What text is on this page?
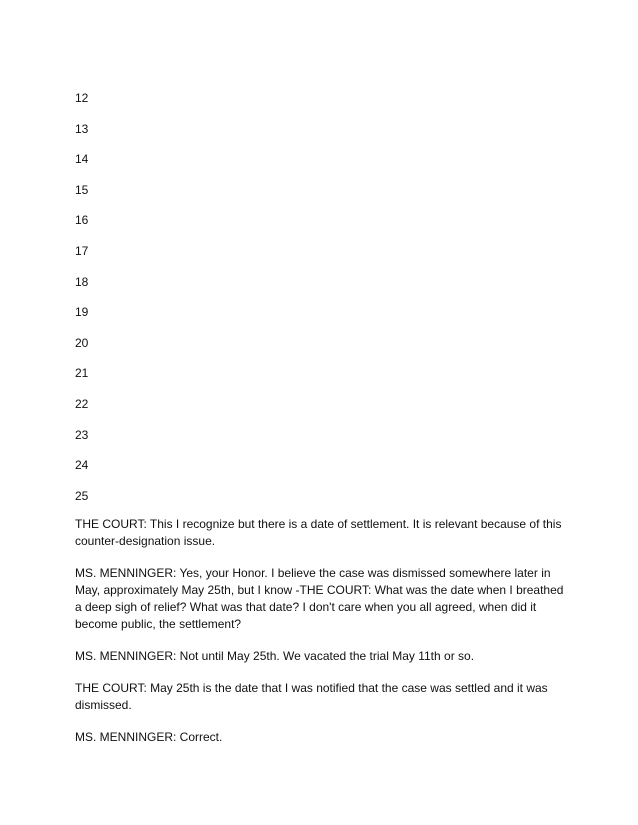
12
13
14
15
16
17
18
19
20
21
22
23
24
25

THE COURT: This I recognize but there is a date of settlement. It is relevant because of this counter-designation issue.

MS. MENNINGER: Yes, your Honor. I believe the case was dismissed somewhere later in May, approximately May 25th, but I know -THE COURT: What was the date when I breathed a deep sigh of relief? What was that date? I don't care when you all agreed, when did it become public, the settlement?

MS. MENNINGER: Not until May 25th. We vacated the trial May 11th or so.

THE COURT: May 25th is the date that I was notified that the case was settled and it was dismissed.

MS. MENNINGER: Correct.
